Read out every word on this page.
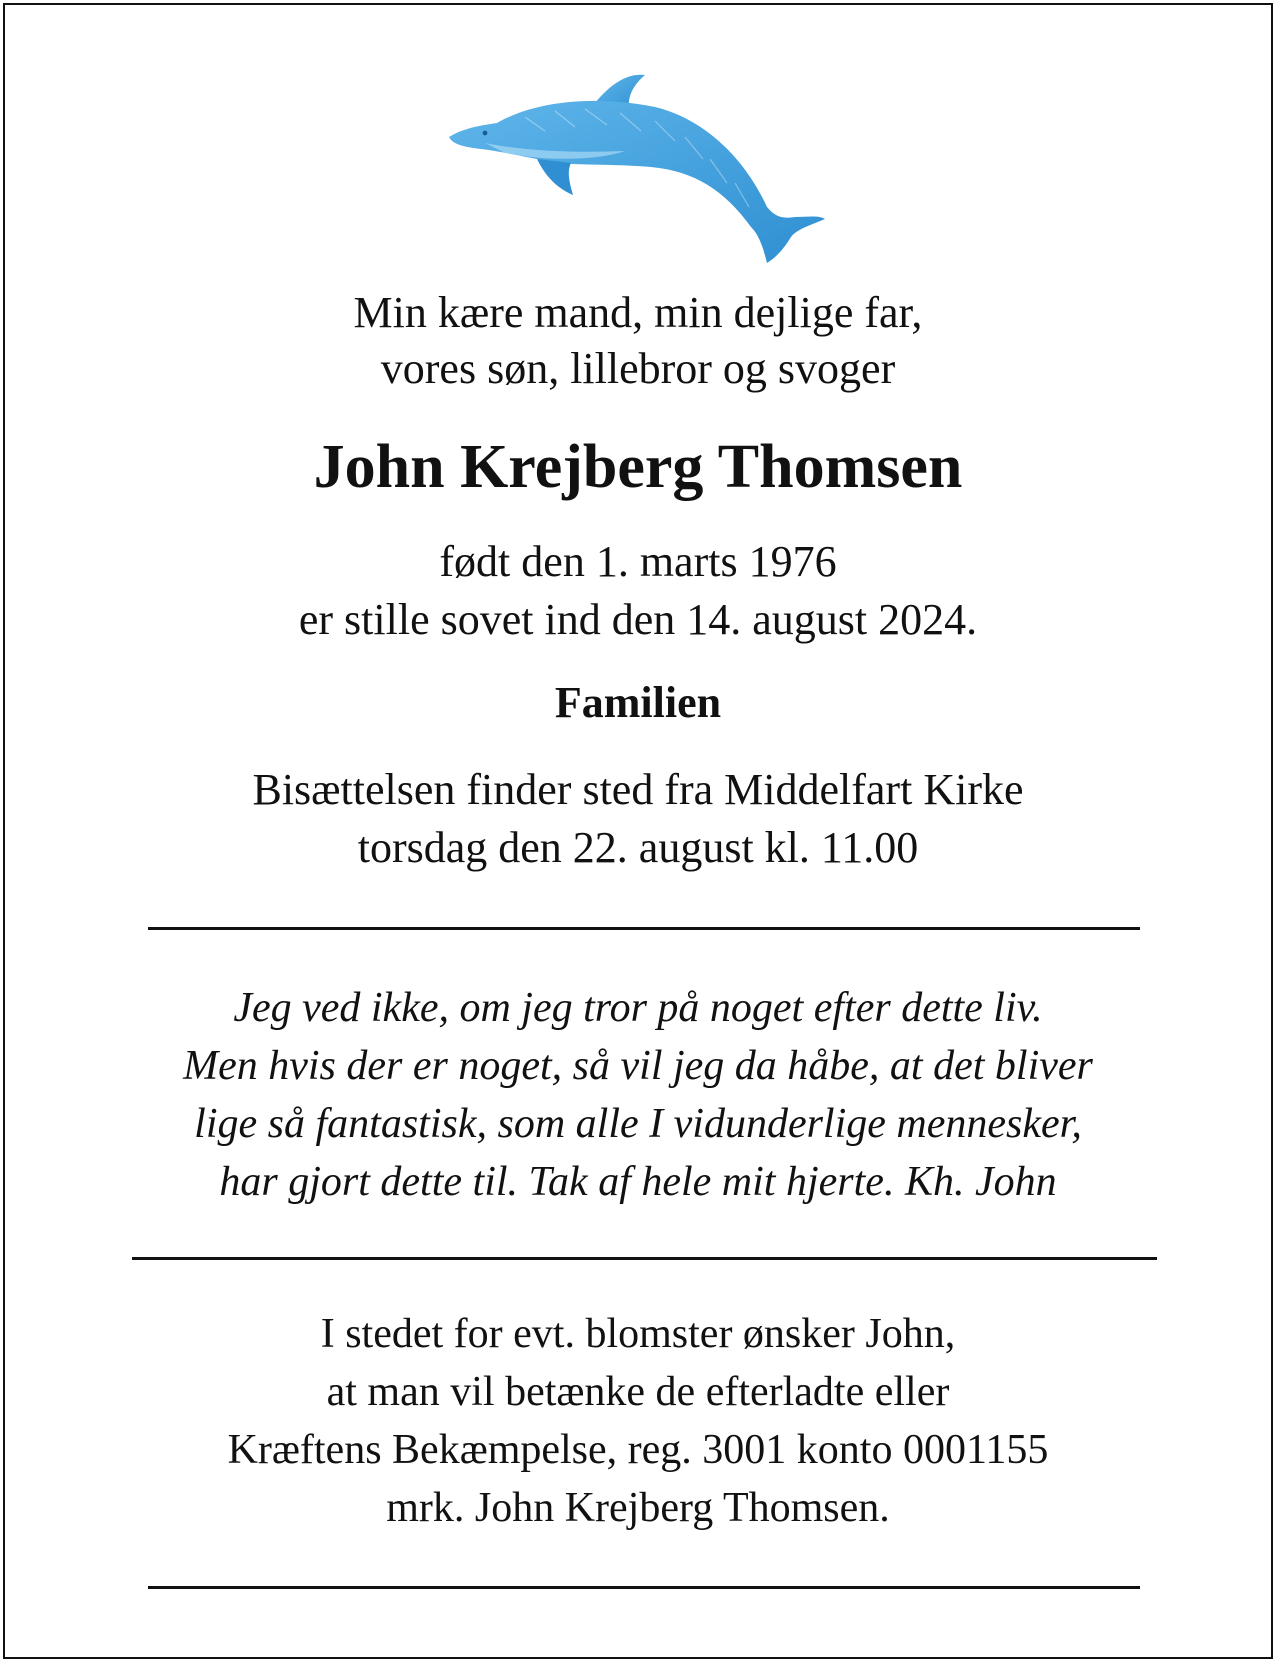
Min kære mand, min dejlige far,
vores søn, lillebror og svoger
John Krejberg Thomsen
født den 1. marts 1976
er stille sovet ind den 14. august 2024.
Familien
Bisættelsen finder sted fra Middelfart Kirke
torsdag den 22. august kl. 11.00
Jeg ved ikke, om jeg tror på noget efter dette liv.
Men hvis der er noget, så vil jeg da håbe, at det bliver
lige så fantastisk, som alle I vidunderlige mennesker,
har gjort dette til. Tak af hele mit hjerte. Kh. John
I stedet for evt. blomster ønsker John,
at man vil betænke de efterladte eller
Kræftens Bekæmpelse, reg. 3001 konto 0001155
mrk. John Krejberg Thomsen.
